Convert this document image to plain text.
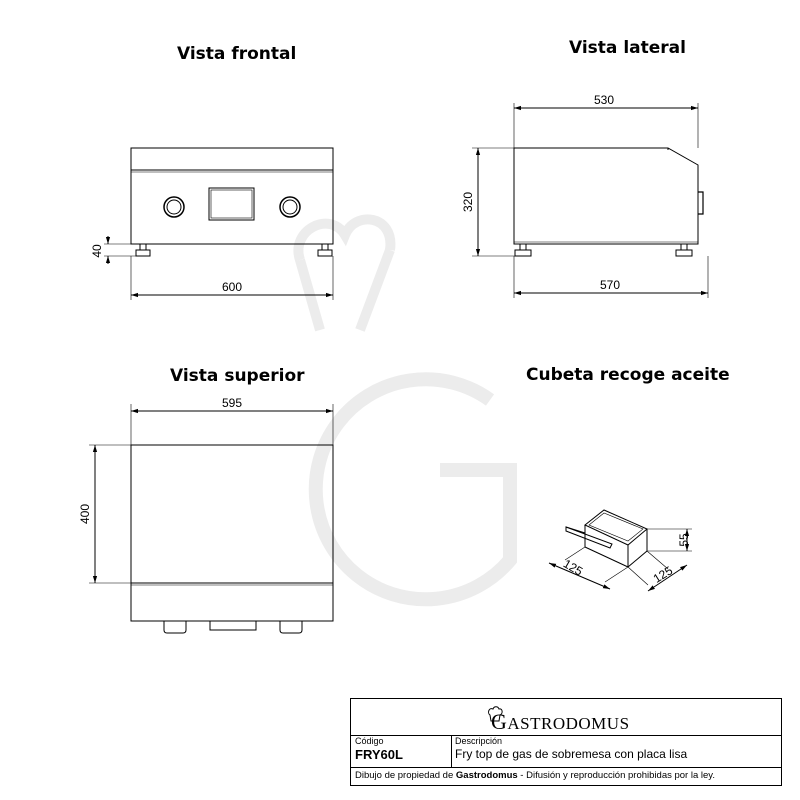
600
40
530
570
320
595
400
55
125	125
Vista frontal	Vista lateral
Vista superior	Cubeta recoge aceite
GASTRODOMUS
Código
FRY60L
Descripción
Fry top de gas de sobremesa con placa lisa
Dibujo de propiedad de Gastrodomus - Difusión y reproducción prohibidas por la ley.
